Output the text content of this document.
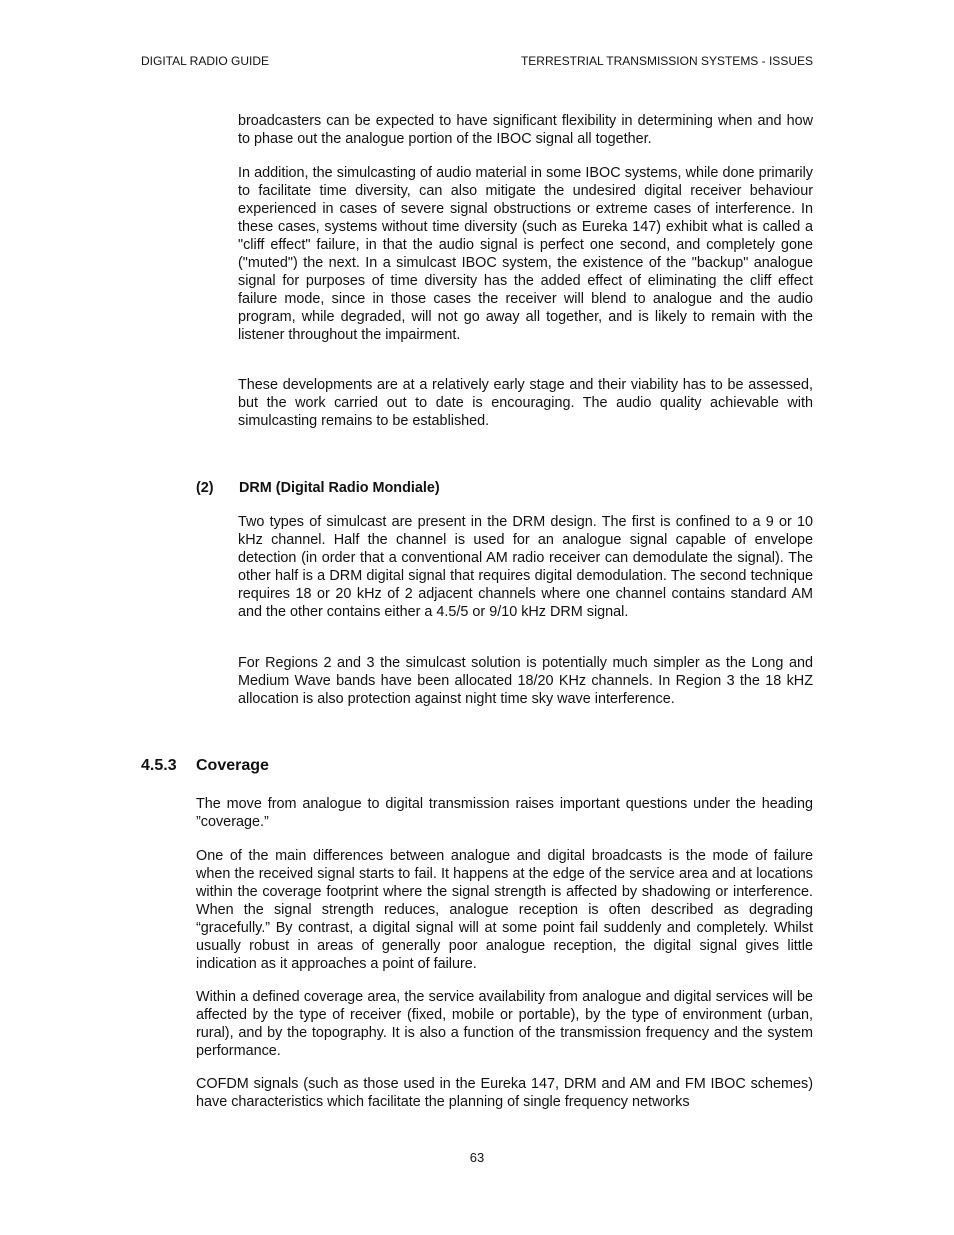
DIGITAL RADIO GUIDE	TERRESTRIAL TRANSMISSION SYSTEMS - ISSUES

broadcasters can be expected to have significant flexibility in determining when and how to phase out the analogue portion of the IBOC signal all together.

In addition, the simulcasting of audio material in some IBOC systems, while done primarily to facilitate time diversity, can also mitigate the undesired digital receiver behaviour experienced in cases of severe signal obstructions or extreme cases of interference. In these cases, systems without time diversity (such as Eureka 147) exhibit what is called a "cliff effect" failure, in that the audio signal is perfect one second, and completely gone ("muted") the next. In a simulcast IBOC system, the existence of the "backup" analogue signal for purposes of time diversity has the added effect of eliminating the cliff effect failure mode, since in those cases the receiver will blend to analogue and the audio program, while degraded, will not go away all together, and is likely to remain with the listener throughout the impairment.

These developments are at a relatively early stage and their viability has to be assessed, but the work carried out to date is encouraging. The audio quality achievable with simulcasting remains to be established.

(2)	DRM (Digital Radio Mondiale)

Two types of simulcast are present in the DRM design. The first is confined to a 9 or 10 kHz channel. Half the channel is used for an analogue signal capable of envelope detection (in order that a conventional AM radio receiver can demodulate the signal). The other half is a DRM digital signal that requires digital demodulation. The second technique requires 18 or 20 kHz of 2 adjacent channels where one channel contains standard AM and the other contains either a 4.5/5 or 9/10 kHz DRM signal.

For Regions 2 and 3 the simulcast solution is potentially much simpler as the Long and Medium Wave bands have been allocated 18/20 KHz channels. In Region 3 the 18 kHZ allocation is also protection against night time sky wave interference.

4.5.3	Coverage

The move from analogue to digital transmission raises important questions under the heading ”coverage.”

One of the main differences between analogue and digital broadcasts is the mode of failure when the received signal starts to fail. It happens at the edge of the service area and at locations within the coverage footprint where the signal strength is affected by shadowing or interference. When the signal strength reduces, analogue reception is often described as degrading “gracefully.” By contrast, a digital signal will at some point fail suddenly and completely. Whilst usually robust in areas of generally poor analogue reception, the digital signal gives little indication as it approaches a point of failure.

Within a defined coverage area, the service availability from analogue and digital services will be affected by the type of receiver (fixed, mobile or portable), by the type of environment (urban, rural), and by the topography. It is also a function of the transmission frequency and the system performance.

COFDM signals (such as those used in the Eureka 147, DRM and AM and FM IBOC schemes) have characteristics which facilitate the planning of single frequency networks

63
